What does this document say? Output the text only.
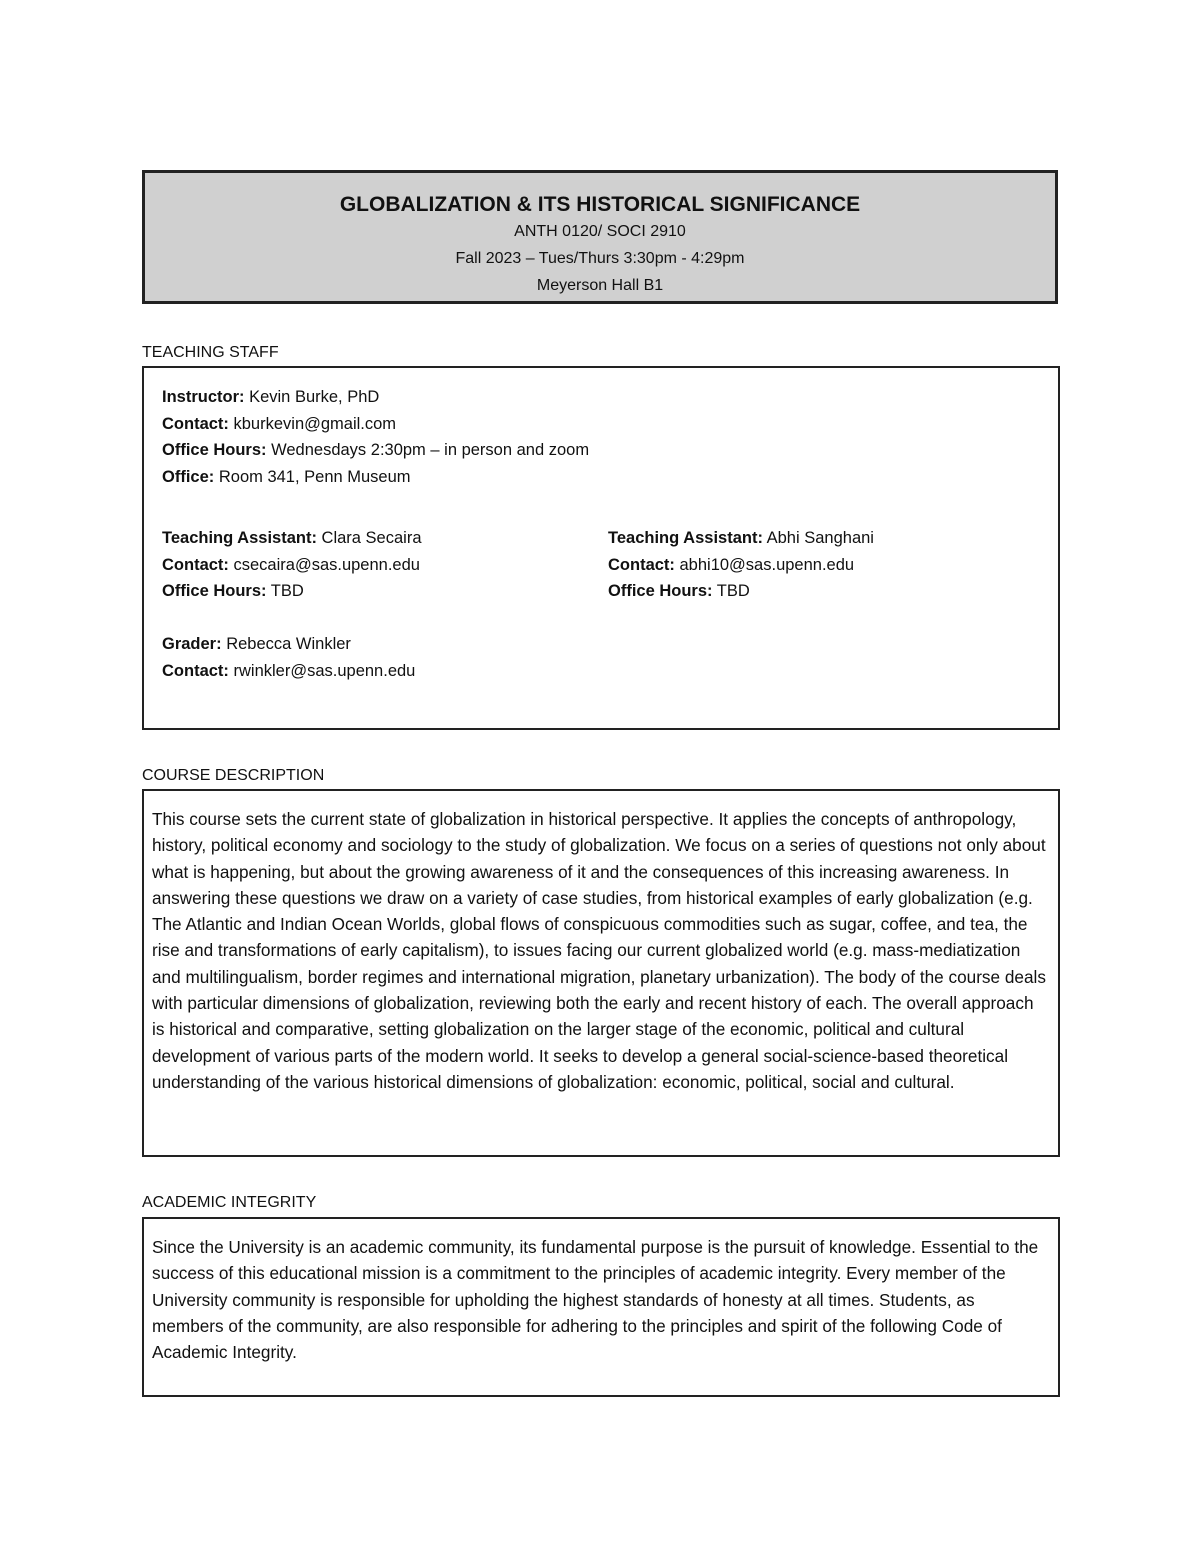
GLOBALIZATION & ITS HISTORICAL SIGNIFICANCE
ANTH 0120/ SOCI 2910
Fall 2023 – Tues/Thurs 3:30pm - 4:29pm
Meyerson Hall B1
TEACHING STAFF
Instructor: Kevin Burke, PhD
Contact: kburkevin@gmail.com
Office Hours: Wednesdays 2:30pm – in person and zoom
Office: Room 341, Penn Museum
Teaching Assistant: Clara Secaira
Contact: csecaira@sas.upenn.edu
Office Hours: TBD
Teaching Assistant: Abhi Sanghani
Contact: abhi10@sas.upenn.edu
Office Hours: TBD
Grader: Rebecca Winkler
Contact: rwinkler@sas.upenn.edu
COURSE DESCRIPTION
This course sets the current state of globalization in historical perspective. It applies the concepts of anthropology, history, political economy and sociology to the study of globalization. We focus on a series of questions not only about what is happening, but about the growing awareness of it and the consequences of this increasing awareness. In answering these questions we draw on a variety of case studies, from historical examples of early globalization (e.g. The Atlantic and Indian Ocean Worlds, global flows of conspicuous commodities such as sugar, coffee, and tea, the rise and transformations of early capitalism), to issues facing our current globalized world (e.g. mass-mediatization and multilingualism, border regimes and international migration, planetary urbanization). The body of the course deals with particular dimensions of globalization, reviewing both the early and recent history of each. The overall approach is historical and comparative, setting globalization on the larger stage of the economic, political and cultural development of various parts of the modern world. It seeks to develop a general social-science-based theoretical understanding of the various historical dimensions of globalization: economic, political, social and cultural.
ACADEMIC INTEGRITY
Since the University is an academic community, its fundamental purpose is the pursuit of knowledge. Essential to the success of this educational mission is a commitment to the principles of academic integrity. Every member of the University community is responsible for upholding the highest standards of honesty at all times. Students, as members of the community, are also responsible for adhering to the principles and spirit of the following Code of Academic Integrity.
